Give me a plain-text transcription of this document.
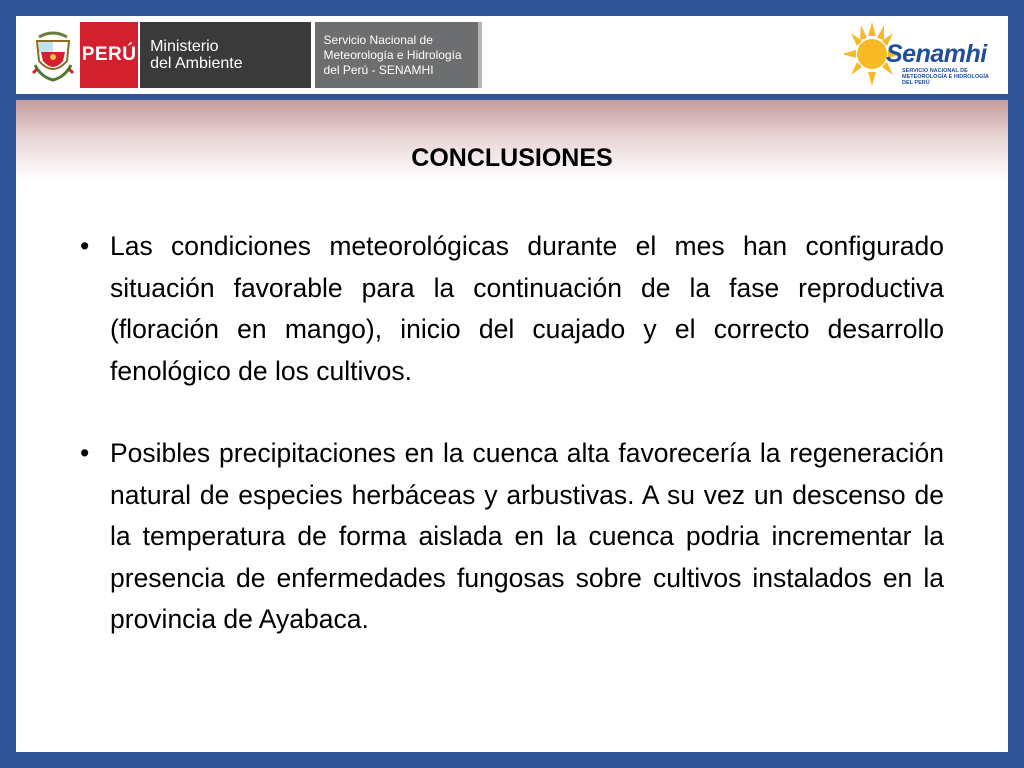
PERÚ Ministerio
del Ambiente
Servicio Nacional de
Meteorología e Hidrología
del Perú - SENAMHI
Senamhi
SERVICIO NACIONAL DE METEOROLOGÍA E HIDROLOGÍA DEL PERÚ
CONCLUSIONES
• Las condiciones meteorológicas durante el mes han configurado situación favorable para la continuación de la fase reproductiva (floración en mango), inicio del cuajado y el correcto desarrollo fenológico de los cultivos.
• Posibles precipitaciones en la cuenca alta favorecería la regeneración natural de especies herbáceas y arbustivas. A su vez un descenso de la temperatura de forma aislada en la cuenca podria incrementar la presencia de enfermedades fungosas sobre cultivos instalados en la provincia de Ayabaca.
